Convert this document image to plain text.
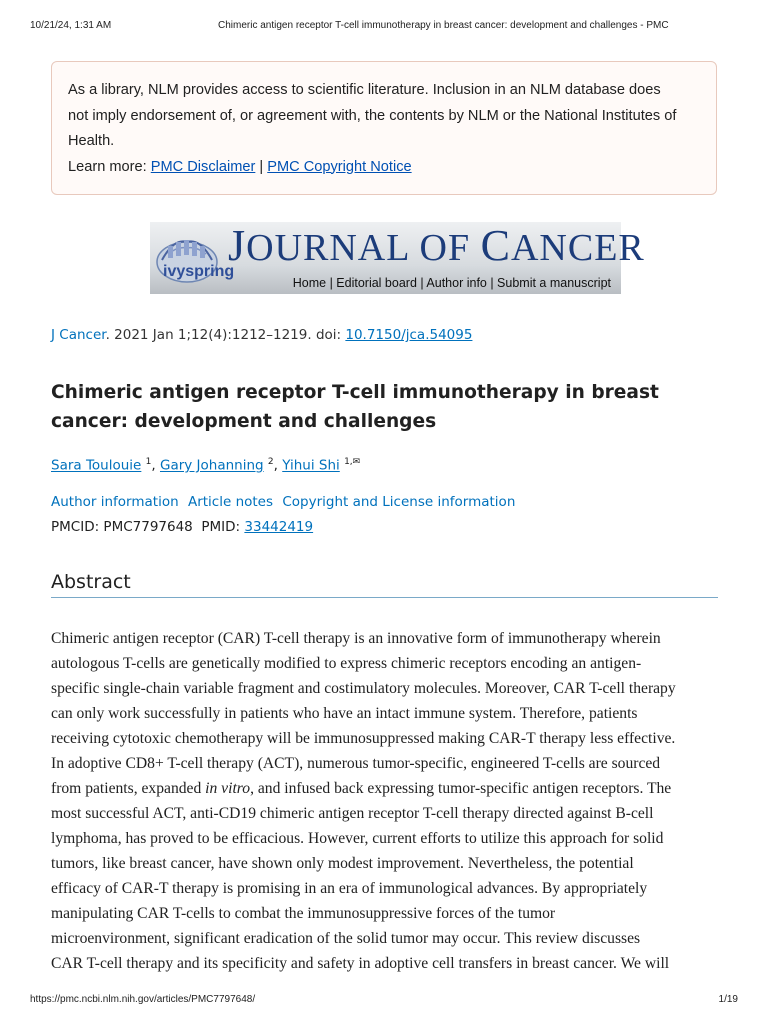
10/21/24, 1:31 AM	Chimeric antigen receptor T-cell immunotherapy in breast cancer: development and challenges - PMC
As a library, NLM provides access to scientific literature. Inclusion in an NLM database does
not imply endorsement of, or agreement with, the contents by NLM or the National Institutes of
Health.
Learn more: PMC Disclaimer | PMC Copyright Notice
ivyspring
JOURNAL OF CANCER
Home | Editorial board | Author info | Submit a manuscript
J Cancer. 2021 Jan 1;12(4):1212–1219. doi: 10.7150/jca.54095
Chimeric antigen receptor T-cell immunotherapy in breast cancer: development and challenges
Sara Toulouie $^1$, Gary Johanning $^2$, Yihui Shi $^{1,✉}$
Author information Article notes Copyright and License information
PMCID: PMC7797648 PMID: 33442419
Abstract
Chimeric antigen receptor (CAR) T-cell therapy is an innovative form of immunotherapy wherein
autologous T-cells are genetically modified to express chimeric receptors encoding an antigen-
specific single-chain variable fragment and costimulatory molecules. Moreover, CAR T-cell therapy
can only work successfully in patients who have an intact immune system. Therefore, patients
receiving cytotoxic chemotherapy will be immunosuppressed making CAR-T therapy less effective.
In adoptive CD8+ T-cell therapy (ACT), numerous tumor-specific, engineered T-cells are sourced
from patients, expanded in vitro, and infused back expressing tumor-specific antigen receptors. The
most successful ACT, anti-CD19 chimeric antigen receptor T-cell therapy directed against B-cell
lymphoma, has proved to be efficacious. However, current efforts to utilize this approach for solid
tumors, like breast cancer, have shown only modest improvement. Nevertheless, the potential
efficacy of CAR-T therapy is promising in an era of immunological advances. By appropriately
manipulating CAR T-cells to combat the immunosuppressive forces of the tumor
microenvironment, significant eradication of the solid tumor may occur. This review discusses
CAR T-cell therapy and its specificity and safety in adoptive cell transfers in breast cancer. We will
https://pmc.ncbi.nlm.nih.gov/articles/PMC7797648/	1/19
